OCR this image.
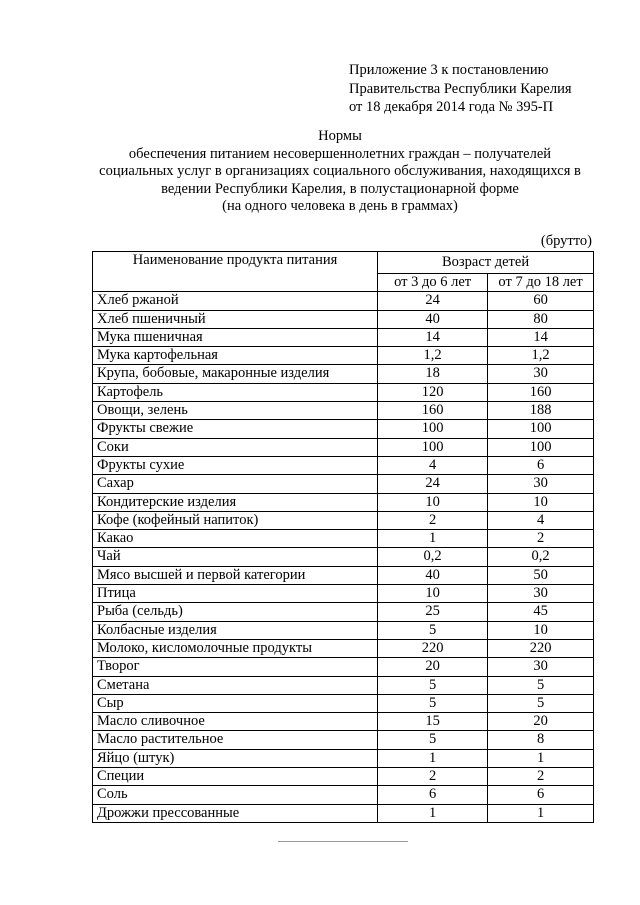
Приложение 3 к постановлению
Правительства Республики Карелия
от 18 декабря 2014 года № 395-П
Нормы
обеспечения питанием несовершеннолетних граждан – получателей
социальных услуг в организациях социального обслуживания, находящихся в
ведении Республики Карелия, в полустационарной форме
(на одного человека в день в граммах)
(брутто)
Наименование продукта питания	Возраст детей	
	от 3 до 6 лет	от 7 до 18 лет
Хлеб ржаной	24	60
Хлеб пшеничный	40	80
Мука пшеничная	14	14
Мука картофельная	1,2	1,2
Крупа, бобовые, макаронные изделия	18	30
Картофель	120	160
Овощи, зелень	160	188
Фрукты свежие	100	100
Соки	100	100
Фрукты сухие	4	6
Сахар	24	30
Кондитерские изделия	10	10
Кофе (кофейный напиток)	2	4
Какао	1	2
Чай	0,2	0,2
Мясо высшей и первой категории	40	50
Птица	10	30
Рыба (сельдь)	25	45
Колбасные изделия	5	10
Молоко, кисломолочные продукты	220	220
Творог	20	30
Сметана	5	5
Сыр	5	5
Масло сливочное	15	20
Масло растительное	5	8
Яйцо (штук)	1	1
Специи	2	2
Соль	6	6
Дрожжи прессованные	1	1
